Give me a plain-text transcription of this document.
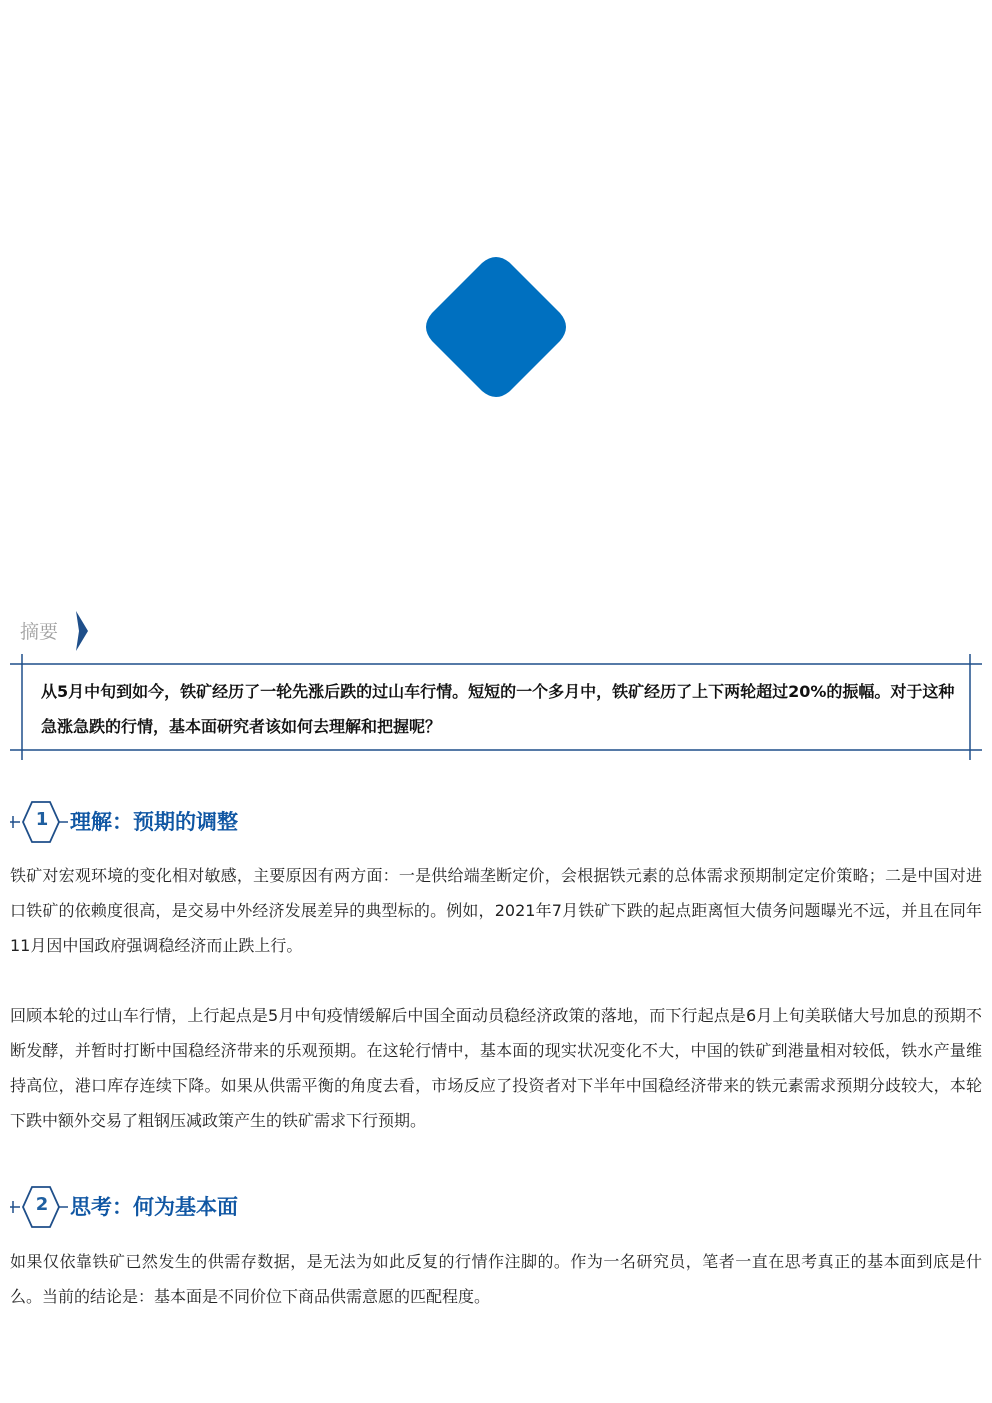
摘要
从5月中旬到如今，铁矿经历了一轮先涨后跌的过山车行情。短短的一个多月中，铁矿经历了上下两轮超过20%的振幅。对于这种急涨急跌的行情，基本面研究者该如何去理解和把握呢？
1 理解：预期的调整
铁矿对宏观环境的变化相对敏感，主要原因有两方面：一是供给端垄断定价，会根据铁元素的总体需求预期制定定价策略；二是中国对进口铁矿的依赖度很高，是交易中外经济发展差异的典型标的。例如，2021年7月铁矿下跌的起点距离恒大债务问题曝光不远，并且在同年11月因中国政府强调稳经济而止跌上行。
回顾本轮的过山车行情，上行起点是5月中旬疫情缓解后中国全面动员稳经济政策的落地，而下行起点是6月上旬美联储大号加息的预期不断发酵，并暂时打断中国稳经济带来的乐观预期。在这轮行情中，基本面的现实状况变化不大，中国的铁矿到港量相对较低，铁水产量维持高位，港口库存连续下降。如果从供需平衡的角度去看，市场反应了投资者对下半年中国稳经济带来的铁元素需求预期分歧较大，本轮下跌中额外交易了粗钢压减政策产生的铁矿需求下行预期。
2 思考：何为基本面
如果仅依靠铁矿已然发生的供需存数据，是无法为如此反复的行情作注脚的。作为一名研究员，笔者一直在思考真正的基本面到底是什么。当前的结论是：基本面是不同价位下商品供需意愿的匹配程度。
